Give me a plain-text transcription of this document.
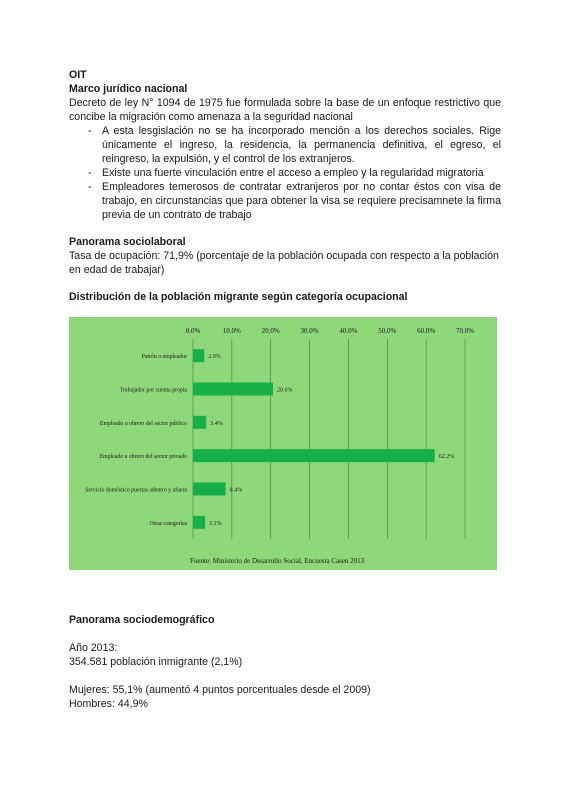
OIT
Marco jurídico nacional
Decreto de ley N° 1094 de 1975 fue formulada sobre la base de un enfoque restrictivo que concibe la migración como amenaza a la seguridad nacional
- A esta lesgislación no se ha incorporado mención a los derechos sociales. Rige únicamente el ingreso, la residencia, la permanencia definitiva, el egreso, el reingreso, la expulsión, y el control de los extranjeros.
- Existe una fuerte vinculación entre el acceso a empleo y la regularidad migratoria
- Empleadores temerosos de contratar extranjeros por no contar éstos con visa de trabajo, en circunstancias que para obtener la visa se requiere precisamnete la firma previa de un contrato de trabajo
Panorama sociolaboral
Tasa de ocupación: 71,9% (porcentaje de la población ocupada con respecto a la población en edad de trabajar)
Distribución de la población migrante según categoría ocupacional
0.0%	10.0%	20.0%	30.0%	40.0%	50.0%	60.0%	70.0%
Patrón o empleador	2.9%
Trabajador por cuenta propia	20.6%
Empleado u obrero del sector público	3.4%
Empleado u obrero del sector privado	62.2%
Servicio doméstico puertas adentro y afuera	8.4%
Otras categorías	3.1%
Fuente: Ministerio de Desarrollo Social, Encuesta Casen 2013
Panorama sociodemográfico
Año 2013:
354.581 población inmigrante (2,1%)
Mujeres: 55,1% (aumentó 4 puntos porcentuales desde el 2009)
Hombres: 44,9%
